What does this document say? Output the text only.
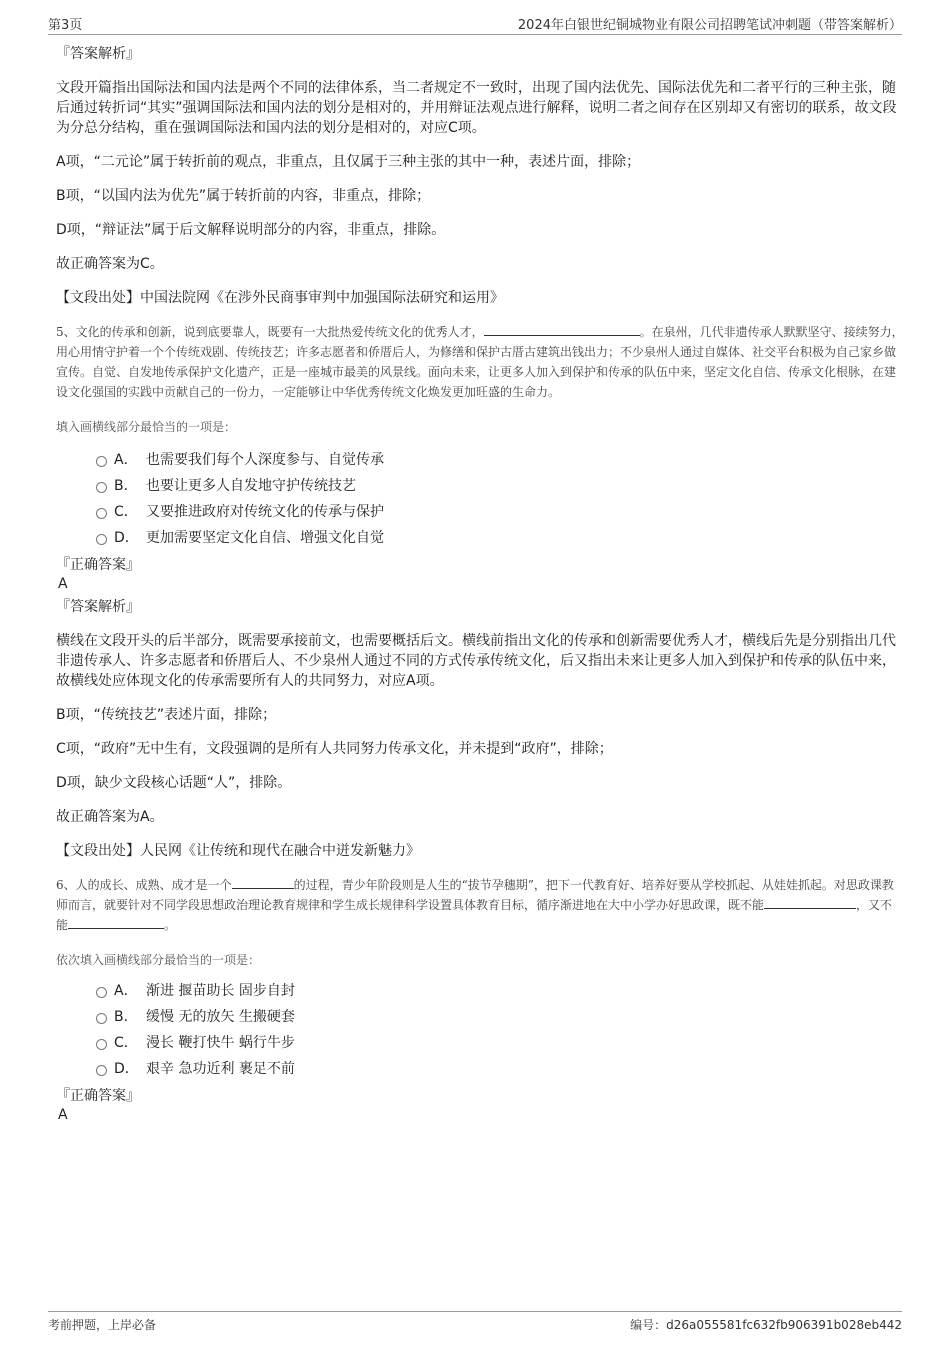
第3页	2024年白银世纪铜城物业有限公司招聘笔试冲刺题（带答案解析）
『答案解析』
文段开篇指出国际法和国内法是两个不同的法律体系，当二者规定不一致时，出现了国内法优先、国际法优先和二者平行的三种主张，随后通过转折词“其实”强调国际法和国内法的划分是相对的，并用辩证法观点进行解释，说明二者之间存在区别却又有密切的联系，故文段为分总分结构，重在强调国际法和国内法的划分是相对的，对应C项。
A项，“二元论”属于转折前的观点，非重点，且仅属于三种主张的其中一种，表述片面，排除；
B项，“以国内法为优先”属于转折前的内容，非重点，排除；
D项，“辩证法”属于后文解释说明部分的内容，非重点，排除。
故正确答案为C。
【文段出处】中国法院网《在涉外民商事审判中加强国际法研究和运用》
5、文化的传承和创新，说到底要靠人，既要有一大批热爱传统文化的优秀人才，	。在泉州，几代非遗传承人默默坚守、接续努力，用心用情守护着一个个传统戏剧、传统技艺；许多志愿者和侨厝后人，为修缮和保护古厝古建筑出钱出力；不少泉州人通过自媒体、社交平台积极为自己家乡做宣传。自觉、自发地传承保护文化遗产，正是一座城市最美的风景线。面向未来，让更多人加入到保护和传承的队伍中来，坚定文化自信、传承文化根脉，在建设文化强国的实践中贡献自己的一份力，一定能够让中华优秀传统文化焕发更加旺盛的生命力。
填入画横线部分最恰当的一项是：
A． 也需要我们每个人深度参与、自觉传承
B． 也要让更多人自发地守护传统技艺
C． 又要推进政府对传统文化的传承与保护
D． 更加需要坚定文化自信、增强文化自觉
『正确答案』
A
『答案解析』
横线在文段开头的后半部分，既需要承接前文，也需要概括后文。横线前指出文化的传承和创新需要优秀人才，横线后先是分别指出几代非遗传承人、许多志愿者和侨厝后人、不少泉州人通过不同的方式传承传统文化，后又指出未来让更多人加入到保护和传承的队伍中来，故横线处应体现文化的传承需要所有人的共同努力，对应A项。
B项，“传统技艺”表述片面，排除；
C项，“政府”无中生有，文段强调的是所有人共同努力传承文化，并未提到“政府”，排除；
D项，缺少文段核心话题“人”，排除。
故正确答案为A。
【文段出处】人民网《让传统和现代在融合中迸发新魅力》
6、人的成长、成熟、成才是一个	的过程，青少年阶段则是人生的“拔节孕穗期”，把下一代教育好、培养好要从学校抓起、从娃娃抓起。对思政课教师而言，就要针对不同学段思想政治理论教育规律和学生成长规律科学设置具体教育目标，循序渐进地在大中小学办好思政课，既不能	，又不能	。
依次填入画横线部分最恰当的一项是：
A． 渐进 揠苗助长 固步自封
B． 缓慢 无的放矢 生搬硬套
C． 漫长 鞭打快牛 蜗行牛步
D． 艰辛 急功近利 裹足不前
『正确答案』
A
考前押题，上岸必备	编号：d26a055581fc632fb906391b028eb442
